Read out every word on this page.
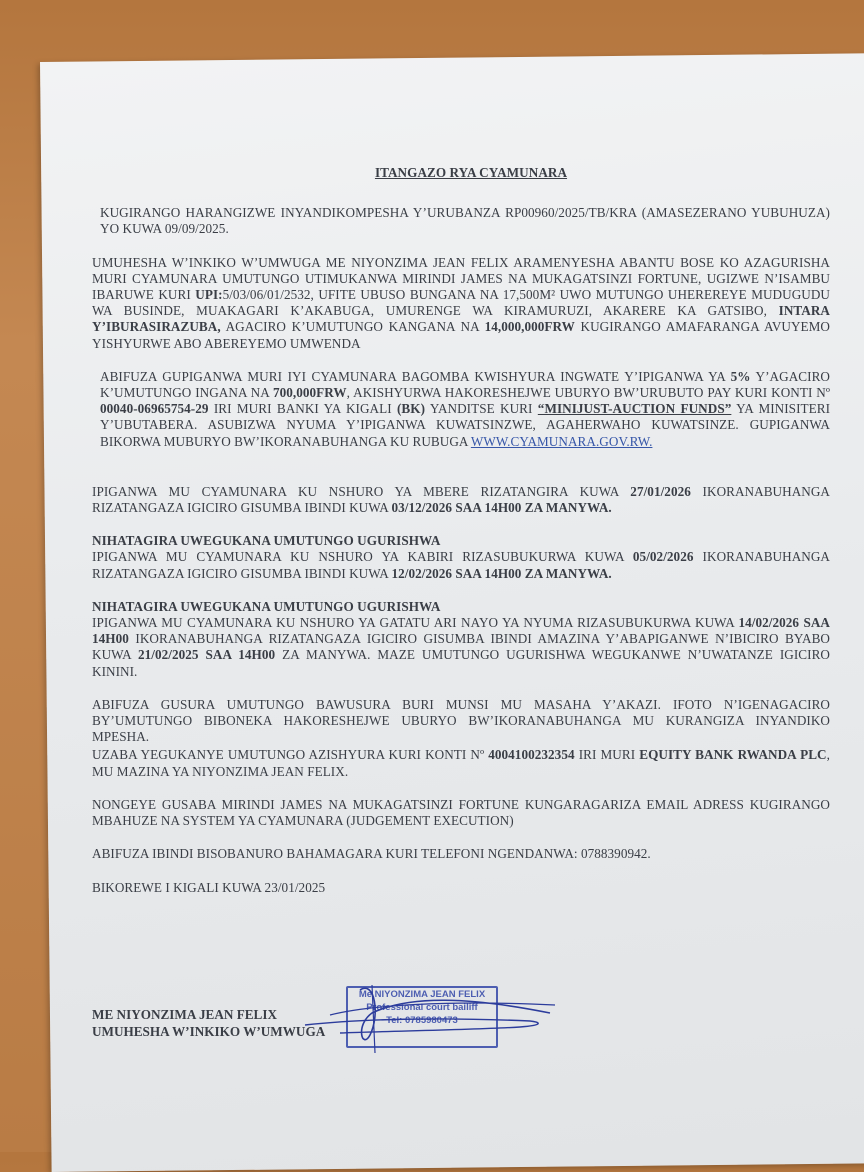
ITANGAZO RYA CYAMUNARA

KUGIRANGO HARANGIZWE INYANDIKOMPESHA Y’URUBANZA RP00960/2025/TB/KRA (AMASEZERANO YUBUHUZA) YO KUWA 09/09/2025.

UMUHESHA W’INKIKO W’UMWUGA ME NIYONZIMA JEAN FELIX ARAMENYESHA ABANTU BOSE KO AZAGURISHA MURI CYAMUNARA UMUTUNGO UTIMUKANWA MIRINDI JAMES NA MUKAGATSINZI FORTUNE, UGIZWE N’ISAMBU IBARUWE KURI UPI:5/03/06/01/2532, UFITE UBUSO BUNGANA NA 17,500M² UWO MUTUNGO UHEREREYE MUDUGUDU WA BUSINDE, MUAKAGARI K’AKABUGA, UMURENGE WA KIRAMURUZI, AKARERE KA GATSIBO, INTARA Y’IBURASIRAZUBA, AGACIRO K’UMUTUNGO KANGANA NA 14,000,000FRW KUGIRANGO AMAFARANGA AVUYEMO YISHYURWE ABO ABEREYEMO UMWENDA

ABIFUZA GUPIGANWA MURI IYI CYAMUNARA BAGOMBA KWISHYURA INGWATE Y’IPIGANWA YA 5% Y’AGACIRO K’UMUTUNGO INGANA NA 700,000FRW, AKISHYURWA HAKORESHEJWE UBURYO BW’URUBUTO PAY KURI KONTI Nº 00040-06965754-29 IRI MURI BANKI YA KIGALI (BK) YANDITSE KURI “MINIJUST-AUCTION FUNDS” YA MINISITERI Y’UBUTABERA. ASUBIZWA NYUMA Y’IPIGANWA KUWATSINZWE, AGAHERWAHO KUWATSINZE. GUPIGANWA BIKORWA MUBURYO BW’IKORANABUHANGA KU RUBUGA WWW.CYAMUNARA.GOV.RW.

IPIGANWA MU CYAMUNARA KU NSHURO YA MBERE RIZATANGIRA KUWA 27/01/2026 IKORANABUHANGA RIZATANGAZA IGICIRO GISUMBA IBINDI KUWA 03/12/2026 SAA 14H00 ZA MANYWA.

NIHATAGIRA UWEGUKANA UMUTUNGO UGURISHWA

IPIGANWA MU CYAMUNARA KU NSHURO YA KABIRI RIZASUBUKURWA KUWA 05/02/2026 IKORANABUHANGA RIZATANGAZA IGICIRO GISUMBA IBINDI KUWA 12/02/2026 SAA 14H00 ZA MANYWA.

NIHATAGIRA UWEGUKANA UMUTUNGO UGURISHWA

IPIGANWA MU CYAMUNARA KU NSHURO YA GATATU ARI NAYO YA NYUMA RIZASUBUKURWA KUWA 14/02/2026 SAA 14H00 IKORANABUHANGA RIZATANGAZA IGICIRO GISUMBA IBINDI AMAZINA Y’ABAPIGANWE N’IBICIRO BYABO KUWA 21/02/2025 SAA 14H00 ZA MANYWA. MAZE UMUTUNGO UGURISHWA WEGUKANWE N’UWATANZE IGICIRO KININI.

ABIFUZA GUSURA UMUTUNGO BAWUSURA BURI MUNSI MU MASAHA Y’AKAZI. IFOTO N’IGENAGACIRO BY’UMUTUNGO BIBONEKA HAKORESHEJWE UBURYO BW’IKORANABUHANGA MU KURANGIZA INYANDIKO MPESHA.

UZABA YEGUKANYE UMUTUNGO AZISHYURA KURI KONTI Nº 4004100232354 IRI MURI EQUITY BANK RWANDA PLC, MU MAZINA YA NIYONZIMA JEAN FELIX.

NONGEYE GUSABA MIRINDI JAMES NA MUKAGATSINZI FORTUNE KUNGARAGARIZA EMAIL ADRESS KUGIRANGO MBAHUZE NA SYSTEM YA CYAMUNARA (JUDGEMENT EXECUTION)

ABIFUZA IBINDI BISOBANURO BAHAMAGARA KURI TELEFONI NGENDANWA: 0788390942.

BIKOREWE I KIGALI KUWA 23/01/2025

ME NIYONZIMA JEAN FELIX
UMUHESHA W’INKIKO W’UMWUGA
Me NIYONZIMA JEAN FELIX
Professional court bailiff
Tel: 0785980473
